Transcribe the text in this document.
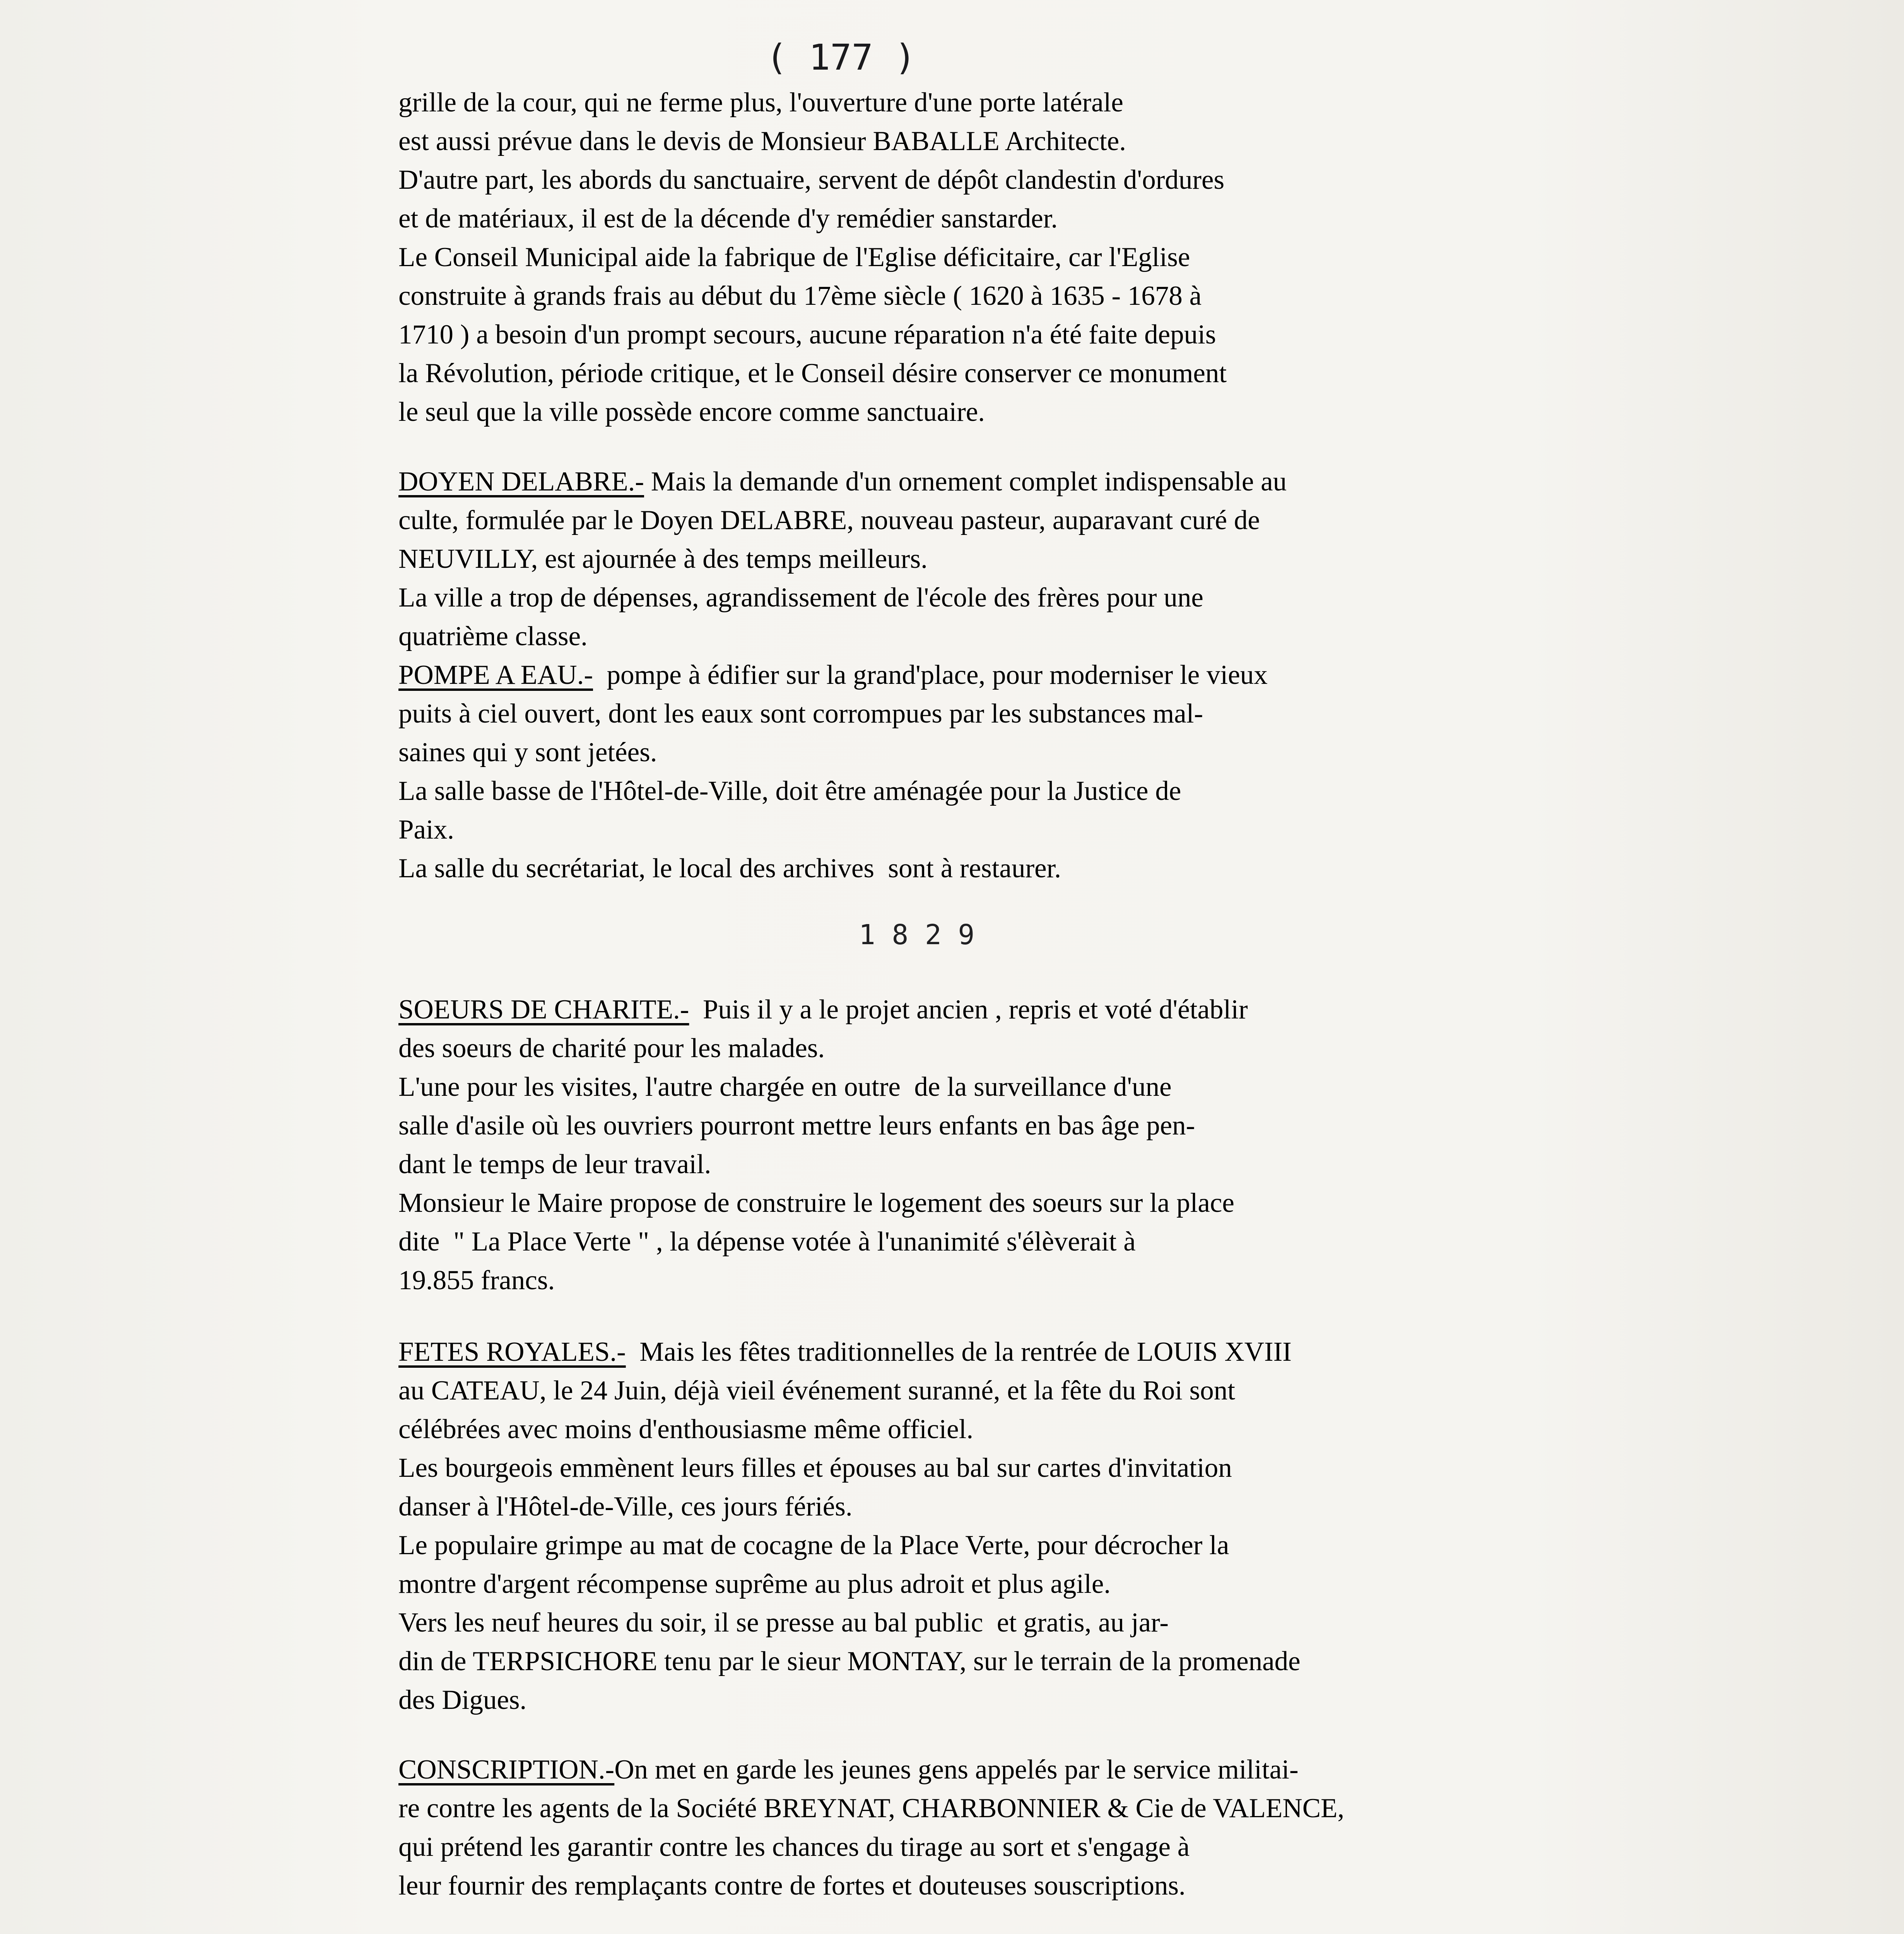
( 177 )
grille de la cour, qui ne ferme plus, l'ouverture d'une porte latérale
est aussi prévue dans le devis de Monsieur BABALLE Architecte.
D'autre part, les abords du sanctuaire, servent de dépôt clandestin d'ordures
et de matériaux, il est de la décende d'y remédier sanstarder.
Le Conseil Municipal aide la fabrique de l'Eglise déficitaire, car l'Eglise
construite à grands frais au début du 17ème siècle ( 1620 à 1635 - 1678 à
1710 ) a besoin d'un prompt secours, aucune réparation n'a été faite depuis
la Révolution, période critique, et le Conseil désire conserver ce monument
le seul que la ville possède encore comme sanctuaire.
DOYEN DELABRE.- Mais la demande d'un ornement complet indispensable au
culte, formulée par le Doyen DELABRE, nouveau pasteur, auparavant curé de
NEUVILLY, est ajournée à des temps meilleurs.
La ville a trop de dépenses, agrandissement de l'école des frères pour une
quatrième classe.
POMPE A EAU.-  pompe à édifier sur la grand'place, pour moderniser le vieux
puits à ciel ouvert, dont les eaux sont corrompues par les substances mal-
saines qui y sont jetées.
La salle basse de l'Hôtel-de-Ville, doit être aménagée pour la Justice de
Paix.
La salle du secrétariat, le local des archives  sont à restaurer.
1 8 2 9
SOEURS DE CHARITE.-  Puis il y a le projet ancien , repris et voté d'établir
des soeurs de charité pour les malades.
L'une pour les visites, l'autre chargée en outre  de la surveillance d'une
salle d'asile où les ouvriers pourront mettre leurs enfants en bas âge pen-
dant le temps de leur travail.
Monsieur le Maire propose de construire le logement des soeurs sur la place
dite  " La Place Verte " , la dépense votée à l'unanimité s'élèverait à
19.855 francs.
FETES ROYALES.-  Mais les fêtes traditionnelles de la rentrée de LOUIS XVIII
au CATEAU, le 24 Juin, déjà vieil événement suranné, et la fête du Roi sont
célébrées avec moins d'enthousiasme même officiel.
Les bourgeois emmènent leurs filles et épouses au bal sur cartes d'invitation
danser à l'Hôtel-de-Ville, ces jours fériés.
Le populaire grimpe au mat de cocagne de la Place Verte, pour décrocher la
montre d'argent récompense suprême au plus adroit et plus agile.
Vers les neuf heures du soir, il se presse au bal public  et gratis, au jar-
din de TERPSICHORE tenu par le sieur MONTAY, sur le terrain de la promenade
des Digues.
CONSCRIPTION.-On met en garde les jeunes gens appelés par le service militai-
re contre les agents de la Société BREYNAT, CHARBONNIER & Cie de VALENCE,
qui prétend les garantir contre les chances du tirage au sort et s'engage à
leur fournir des remplaçants contre de fortes et douteuses souscriptions.
